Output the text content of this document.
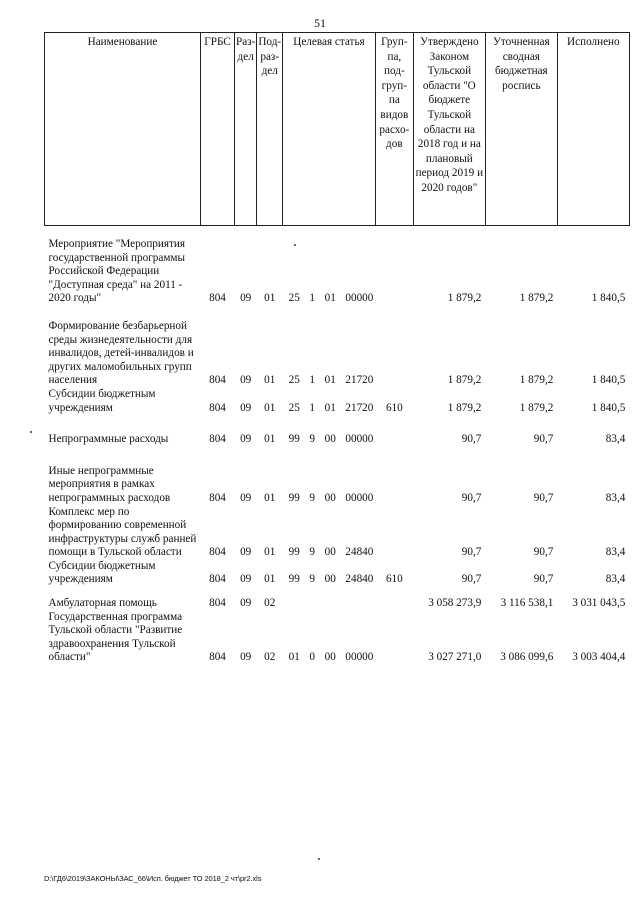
51
Наименование	ГРБС	Раз-дел	Под-раз-дел	Целевая статья	Груп-па, под-груп-па видов расхо-дов	Утверждено Законом Тульской области "О бюджете Тульской области на 2018 год и на плановый период 2019 и 2020 годов"	Уточненная сводная бюджетная роспись	Исполнено

Мероприятие "Мероприятия государственной программы Российской Федерации "Доступная среда" на 2011 - 2020 годы"	804	09	01	25  1  01  00000		1 879,2	1 879,2	1 840,5

Формирование безбарьерной среды жизнедеятельности для инвалидов, детей-инвалидов и других маломобильных групп населения	804	09	01	25  1  01  21720		1 879,2	1 879,2	1 840,5
Субсидии бюджетным учреждениям	804	09	01	25  1  01  21720	610	1 879,2	1 879,2	1 840,5

Непрограммные расходы	804	09	01	99  9  00  00000		90,7	90,7	83,4

Иные непрограммные мероприятия в рамках непрограммных расходов	804	09	01	99  9  00  00000		90,7	90,7	83,4
Комплекс мер по формированию современной инфраструктуры служб ранней помощи в Тульской области	804	09	01	99  9  00  24840		90,7	90,7	83,4
Субсидии бюджетным учреждениям	804	09	01	99  9  00  24840	610	90,7	90,7	83,4

Амбулаторная помощь	804	09	02			3 058 273,9	3 116 538,1	3 031 043,5
Государственная программа Тульской области "Развитие здравоохранения Тульской области"	804	09	02	01  0  00  00000		3 027 271,0	3 086 099,6	3 003 404,4
D:\ГД6\2019\ЗАКОНЫ\ЗАС_66\Исп. бюджет ТО 2018_2 чт\pr2.xls
